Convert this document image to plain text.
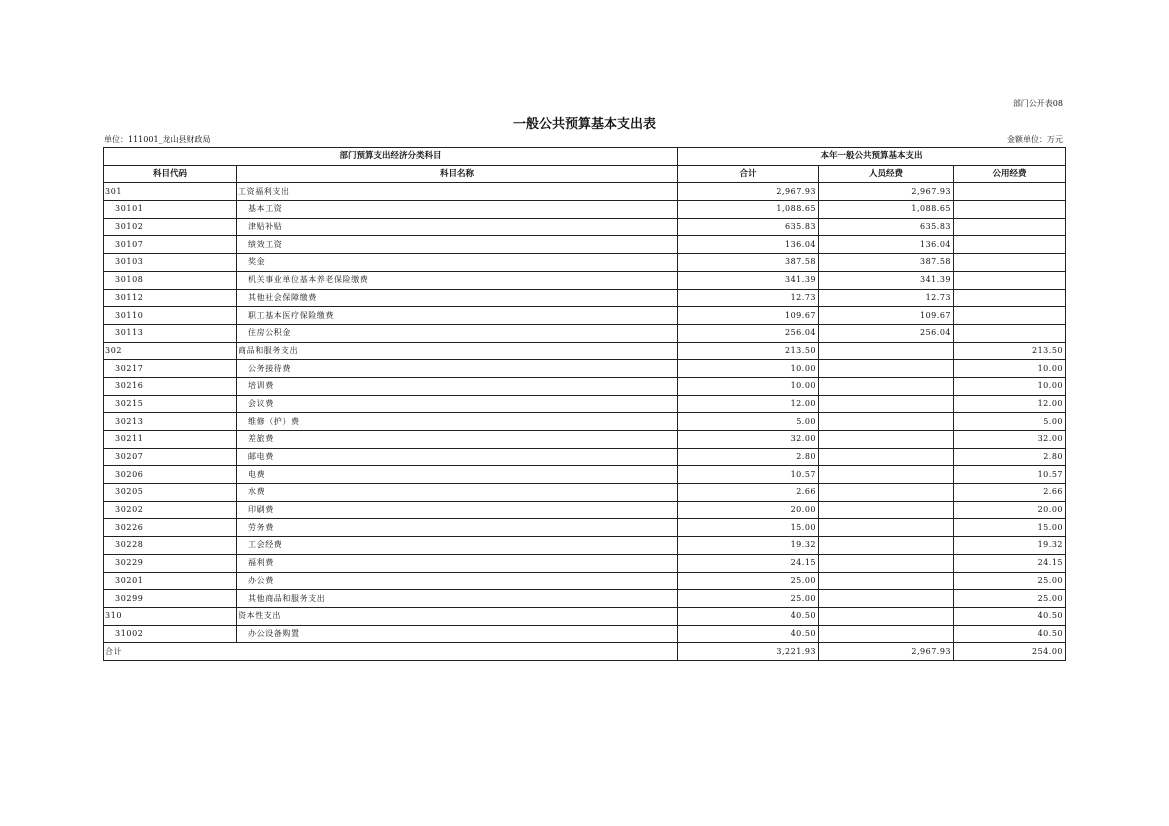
部门公开表08
一般公共预算基本支出表
单位：111001_龙山县财政局	金额单位：万元
部门预算支出经济分类科目		本年一般公共预算基本支出		
科目代码	科目名称	合计	人员经费	公用经费
301	工资福利支出	2,967.93	2,967.93	
30101	基本工资	1,088.65	1,088.65	
30102	津贴补贴	635.83	635.83	
30107	绩效工资	136.04	136.04	
30103	奖金	387.58	387.58	
30108	机关事业单位基本养老保险缴费	341.39	341.39	
30112	其他社会保障缴费	12.73	12.73	
30110	职工基本医疗保险缴费	109.67	109.67	
30113	住房公积金	256.04	256.04	
302	商品和服务支出	213.50		213.50
30217	公务接待费	10.00		10.00
30216	培训费	10.00		10.00
30215	会议费	12.00		12.00
30213	维修（护）费	5.00		5.00
30211	差旅费	32.00		32.00
30207	邮电费	2.80		2.80
30206	电费	10.57		10.57
30205	水费	2.66		2.66
30202	印刷费	20.00		20.00
30226	劳务费	15.00		15.00
30228	工会经费	19.32		19.32
30229	福利费	24.15		24.15
30201	办公费	25.00		25.00
30299	其他商品和服务支出	25.00		25.00
310	资本性支出	40.50		40.50
31002	办公设备购置	40.50		40.50
合计		3,221.93	2,967.93	254.00
